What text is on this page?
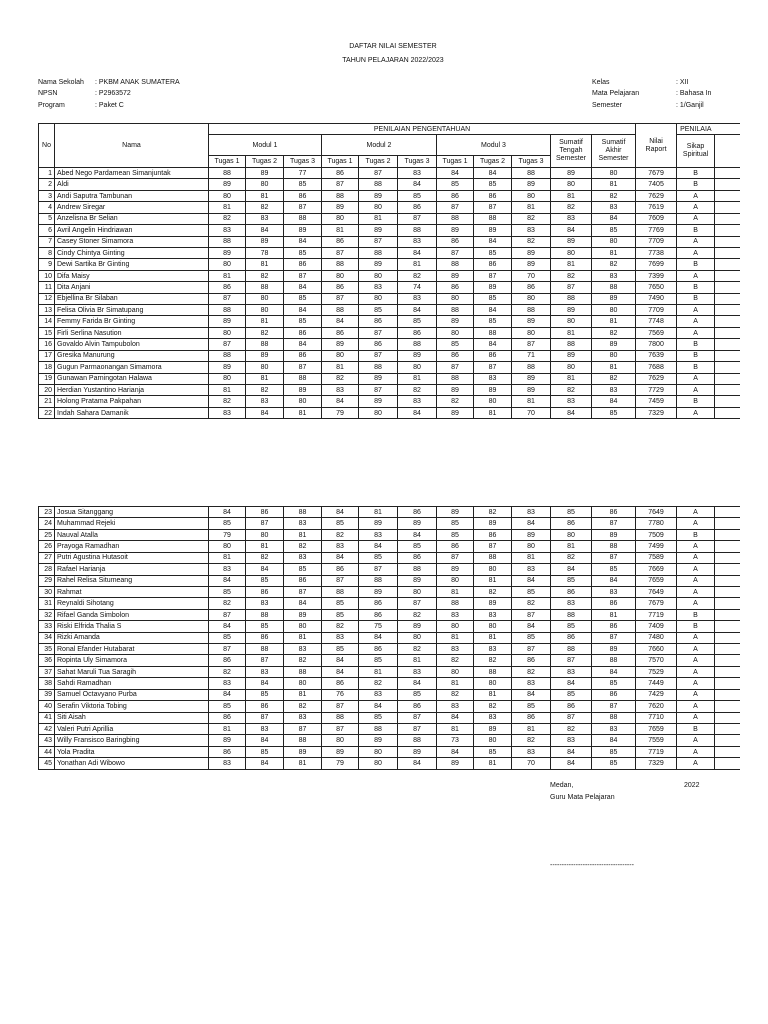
DAFTAR NILAI SEMESTER
TAHUN PELAJARAN 2022/2023
Nama Sekolah : PKBM ANAK SUMATERA
NPSN	: P2963572
Program	: Paket C
Kelas	: XII
Mata Pelajaran	: Bahasa In
Semester	: 1/Ganjil
No	Nama	PENILAIAN PENGENTAHUAN											Nilai
Raport	PENILAIA	
		Modul 1			Modul 2			Modul 3			Sumatif
Tengah
Semester	Sumatif
Akhir
Semester		Sikap
Spiritual	
		Tugas 1	Tugas 2	Tugas 3	Tugas 1	Tugas 2	Tugas 3	Tugas 1	Tugas 2	Tugas 3					
1	Abed Nego Pardamean Simanjuntak	88	89	77	86	87	83	84	84	88	89	80	7679	B	
2	Aldi	89	80	85	87	88	84	85	85	89	80	81	7405	B	
3	Andi Saputra Tambunan	80	81	86	88	89	85	86	86	80	81	82	7629	A	
4	Andrew Siregar	81	82	87	89	80	86	87	87	81	82	83	7619	A	
5	Anzelisna Br Selian	82	83	88	80	81	87	88	88	82	83	84	7609	A	
6	Avril Angelin Hindriawan	83	84	89	81	89	88	89	89	83	84	85	7769	B	
7	Casey Stoner Simamora	88	89	84	86	87	83	86	84	82	89	80	7709	A	
8	Cindy Chintya Ginting	89	78	85	87	88	84	87	85	89	80	81	7738	A	
9	Dewi Sartika Br Ginting	80	81	86	88	89	81	88	86	89	81	82	7699	B	
10	Difa Maisy	81	82	87	80	80	82	89	87	70	82	83	7399	A	
11	Dita Anjani	86	88	84	86	83	74	86	89	86	87	88	7650	B	
12	Ebjellina Br Silaban	87	80	85	87	80	83	80	85	80	88	89	7490	B	
13	Felisa Olivia Br Simatupang	88	80	84	88	85	84	88	84	88	89	80	7709	A	
14	Femmy Farida Br Ginting	89	81	85	84	86	85	89	85	89	80	81	7748	A	
15	Firli Serlina Nasution	80	82	86	86	87	86	80	88	80	81	82	7569	A	
16	Govaldo Alvin Tampubolon	87	88	84	89	86	88	85	84	87	88	89	7800	B	
17	Gresika Manurung	88	89	86	80	87	89	86	86	71	89	80	7639	B	
18	Gugun Parmaonangan Simamora	89	80	87	81	88	80	87	87	88	80	81	7688	B	
19	Gunawan Parningotan Halawa	80	81	88	82	89	81	88	83	89	81	82	7629	A	
20	Herdian Yustantino Harianja	81	82	89	83	87	82	89	89	89	82	83	7729	A	
21	Holong Pratama Pakpahan	82	83	80	84	89	83	82	80	81	83	84	7459	B	
22	Indah Sahara Damanik	83	84	81	79	80	84	89	81	70	84	85	7329	A	
23	Josua Sitanggang	84	86	88	84	81	86	89	82	83	85	86	7649	A	
24	Muhammad Rejeki	85	87	83	85	89	89	85	89	84	86	87	7780	A	
25	Nauval Atalla	79	80	81	82	83	84	85	86	89	80	89	7509	B	
26	Prayoga Ramadhan	80	81	82	83	84	85	86	87	80	81	88	7499	A	
27	Putri Agustina Hutasoit	81	82	83	84	85	86	87	88	81	82	87	7589	A	
28	Rafael Harianja	83	84	85	86	87	88	89	80	83	84	85	7669	A	
29	Rahel Relisa Situmeang	84	85	86	87	88	89	80	81	84	85	84	7659	A	
30	Rahmat	85	86	87	88	89	80	81	82	85	86	83	7649	A	
31	Reynaldi Sihotang	82	83	84	85	86	87	88	89	82	83	86	7679	A	
32	Rifael Ganda Simbolon	87	88	89	85	86	82	83	83	87	88	81	7719	B	
33	Riski Elfrida Thalia S	84	85	80	82	75	89	80	80	84	85	86	7409	B	
34	Rizki Amanda	85	86	81	83	84	80	81	81	85	86	87	7480	A	
35	Ronal Efander Hutabarat	87	88	83	85	86	82	83	83	87	88	89	7660	A	
36	Ropinta Uly Simamora	86	87	82	84	85	81	82	82	86	87	88	7570	A	
37	Sahat Maruli Tua Saragih	82	83	88	84	81	83	80	88	82	83	84	7529	A	
38	Sahdi Ramadhan	83	84	80	86	82	84	81	80	83	84	85	7449	A	
39	Samuel Octavyano Purba	84	85	81	76	83	85	82	81	84	85	86	7429	A	
40	Serafin Viktoria Tobing	85	86	82	87	84	86	83	82	85	86	87	7620	A	
41	Siti Aisah	86	87	83	88	85	87	84	83	86	87	88	7710	A	
42	Valeri Putri Aprillia	81	83	87	87	88	87	81	89	81	82	83	7659	B	
43	Willy Fransisco Baringbing	89	84	88	80	89	88	73	80	82	83	84	7559	A	
44	Yola Pradita	86	85	89	89	80	89	84	85	83	84	85	7719	A	
45	Yonathan Adi Wibowo	83	84	81	79	80	84	89	81	70	84	85	7329	A	
Medan,	2022
Guru Mata Pelajaran
------------------------------------
